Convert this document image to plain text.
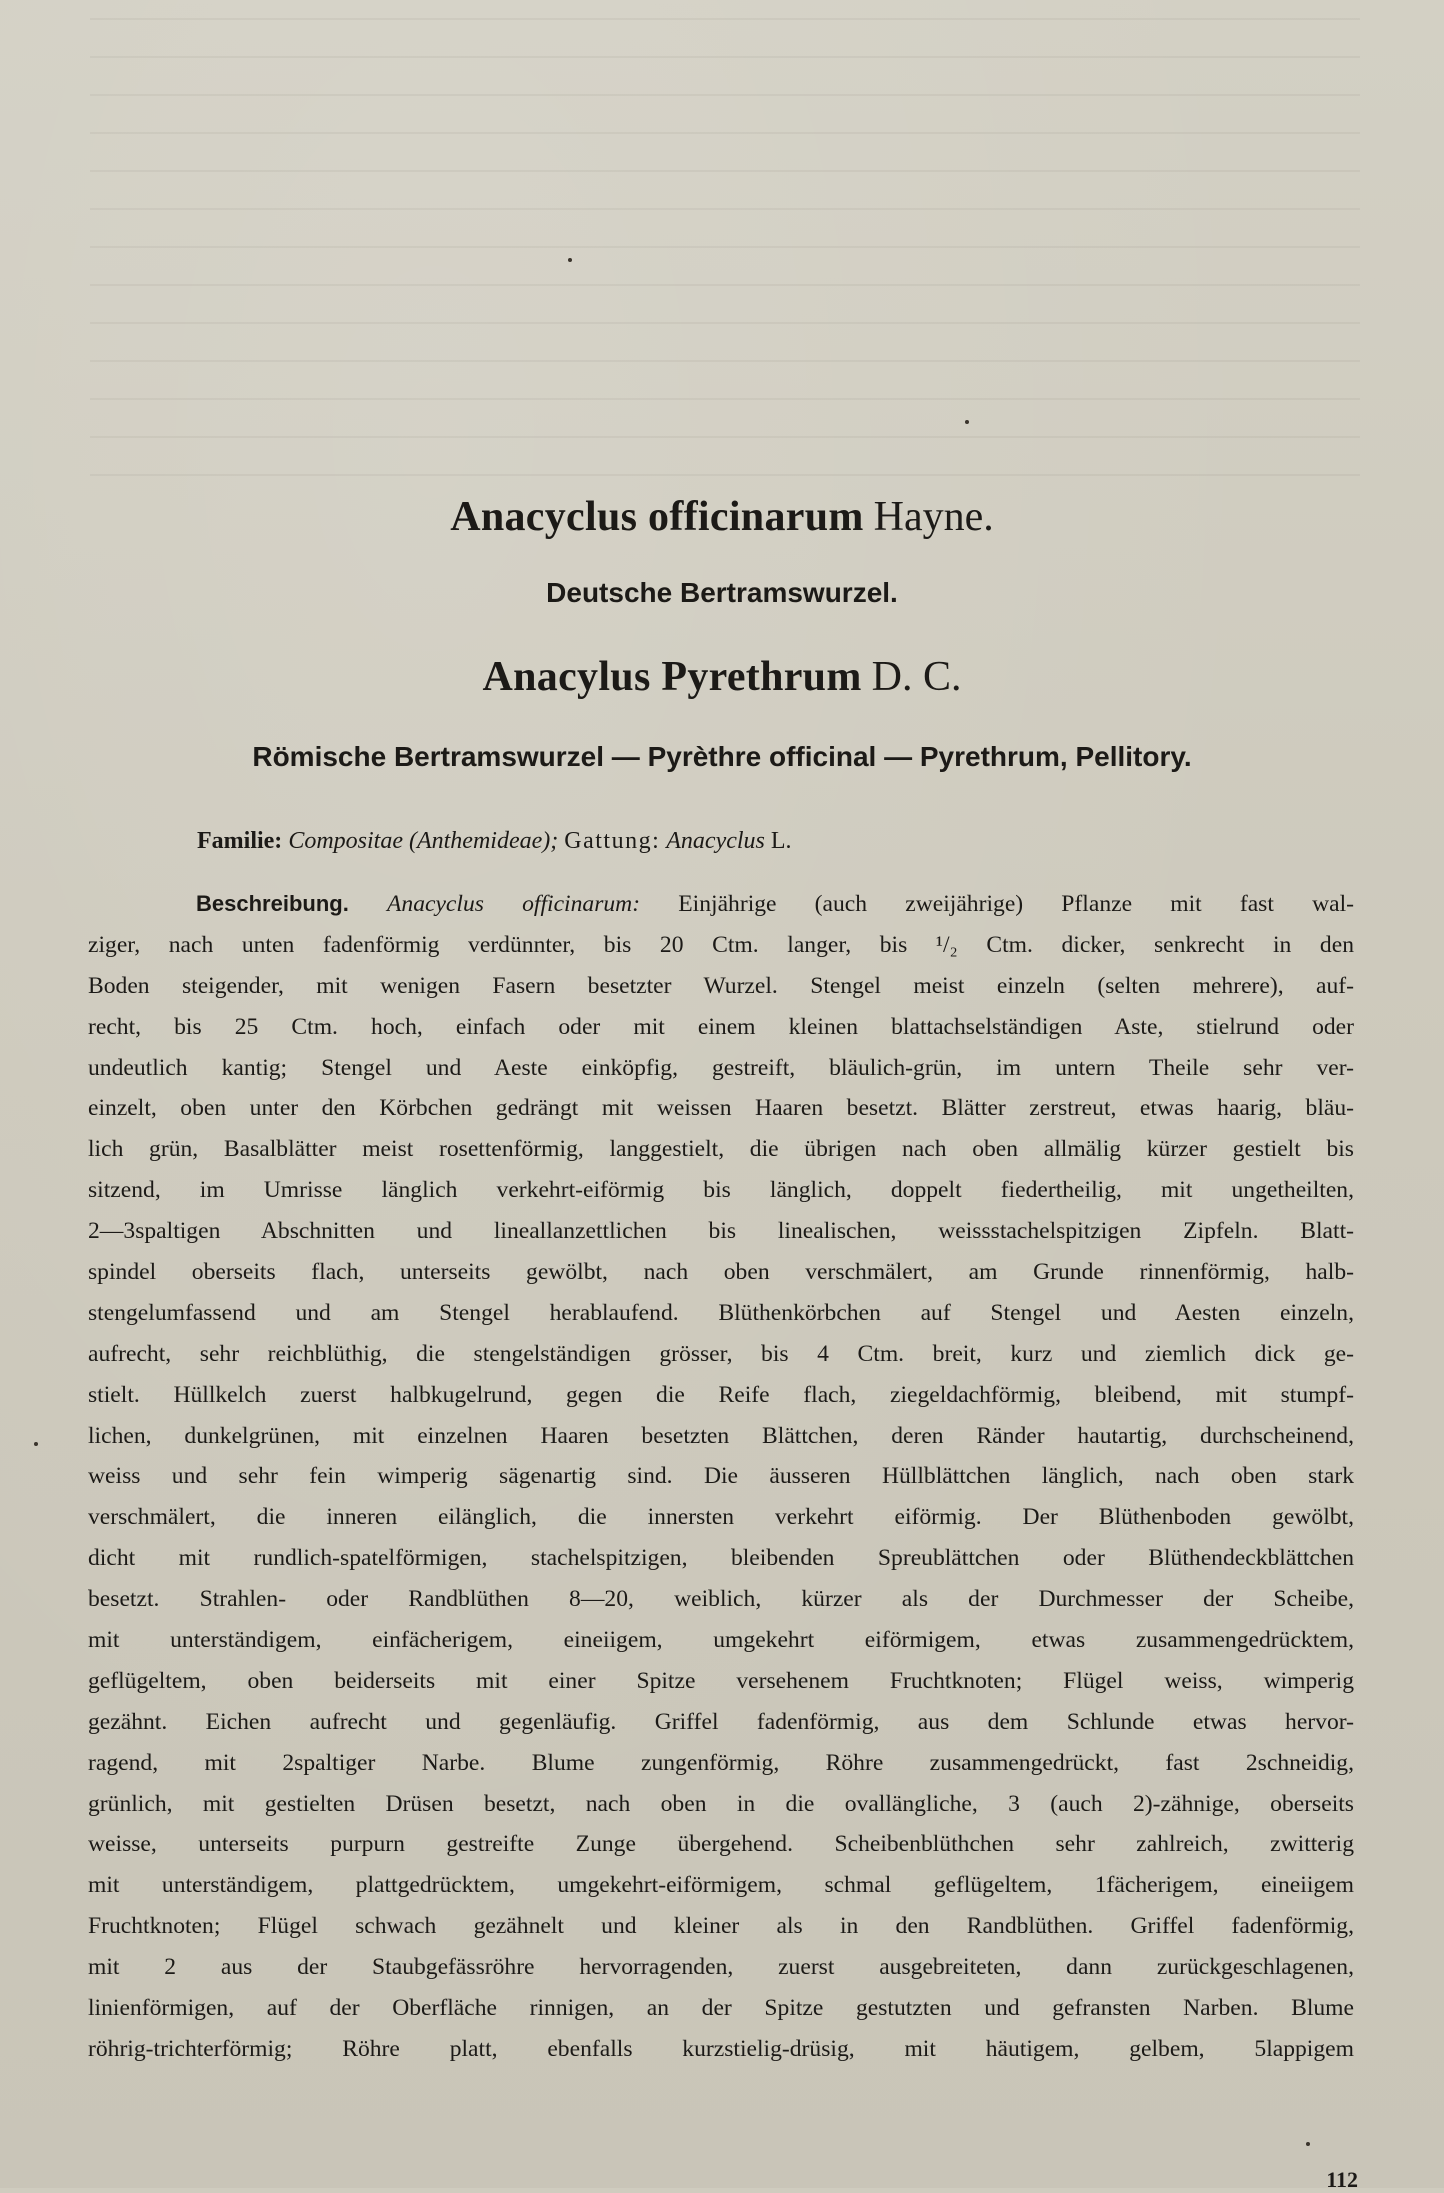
Anacyclus officinarum Hayne.
Deutsche Bertramswurzel.
Anacylus Pyrethrum D. C.
Römische Bertramswurzel — Pyrèthre officinal — Pyrethrum, Pellitory.

Familie: Compositae (Anthemideae); Gattung: Anacyclus L.

Beschreibung. Anacyclus officinarum: Einjährige (auch zweijährige) Pflanze mit fast wal-
ziger, nach unten fadenförmig verdünnter, bis 20 Ctm. langer, bis ¹/₂ Ctm. dicker, senkrecht in den
Boden steigender, mit wenigen Fasern besetzter Wurzel. Stengel meist einzeln (selten mehrere), auf-
recht, bis 25 Ctm. hoch, einfach oder mit einem kleinen blattachselständigen Aste, stielrund oder
undeutlich kantig; Stengel und Aeste einköpfig, gestreift, bläulich-grün, im untern Theile sehr ver-
einzelt, oben unter den Körbchen gedrängt mit weissen Haaren besetzt. Blätter zerstreut, etwas haarig, bläu-
lich grün, Basalblätter meist rosettenförmig, langgestielt, die übrigen nach oben allmälig kürzer gestielt bis
sitzend, im Umrisse länglich verkehrt-eiförmig bis länglich, doppelt fiedertheilig, mit ungetheilten,
2—3spaltigen Abschnitten und lineallanzettlichen bis linealischen, weissstachelspitzigen Zipfeln. Blatt-
spindel oberseits flach, unterseits gewölbt, nach oben verschmälert, am Grunde rinnenförmig, halb-
stengelumfassend und am Stengel herablaufend. Blüthenkörbchen auf Stengel und Aesten einzeln,
aufrecht, sehr reichblüthig, die stengelständigen grösser, bis 4 Ctm. breit, kurz und ziemlich dick ge-
stielt. Hüllkelch zuerst halbkugelrund, gegen die Reife flach, ziegeldachförmig, bleibend, mit stumpf-
lichen, dunkelgrünen, mit einzelnen Haaren besetzten Blättchen, deren Ränder hautartig, durchscheinend,
weiss und sehr fein wimperig sägenartig sind. Die äusseren Hüllblättchen länglich, nach oben stark
verschmälert, die inneren eilänglich, die innersten verkehrt eiförmig. Der Blüthenboden gewölbt,
dicht mit rundlich-spatelförmigen, stachelspitzigen, bleibenden Spreublättchen oder Blüthendeckblättchen
besetzt. Strahlen- oder Randblüthen 8—20, weiblich, kürzer als der Durchmesser der Scheibe,
mit unterständigem, einfächerigem, eineiigem, umgekehrt eiförmigem, etwas zusammengedrücktem,
geflügeltem, oben beiderseits mit einer Spitze versehenem Fruchtknoten; Flügel weiss, wimperig
gezähnt. Eichen aufrecht und gegenläufig. Griffel fadenförmig, aus dem Schlunde etwas hervor-
ragend, mit 2spaltiger Narbe. Blume zungenförmig, Röhre zusammengedrückt, fast 2schneidig,
grünlich, mit gestielten Drüsen besetzt, nach oben in die ovallängliche, 3 (auch 2)-zähnige, oberseits
weisse, unterseits purpurn gestreifte Zunge übergehend. Scheibenblüthchen sehr zahlreich, zwitterig
mit unterständigem, plattgedrücktem, umgekehrt-eiförmigem, schmal geflügeltem, 1fächerigem, eineiigem
Fruchtknoten; Flügel schwach gezähnelt und kleiner als in den Randblüthen. Griffel fadenförmig,
mit 2 aus der Staubgefässröhre hervorragenden, zuerst ausgebreiteten, dann zurückgeschlagenen,
linienförmigen, auf der Oberfläche rinnigen, an der Spitze gestutzten und gefransten Narben. Blume
röhrig-trichterförmig; Röhre platt, ebenfalls kurzstielig-drüsig, mit häutigem, gelbem, 5lappigem

112
